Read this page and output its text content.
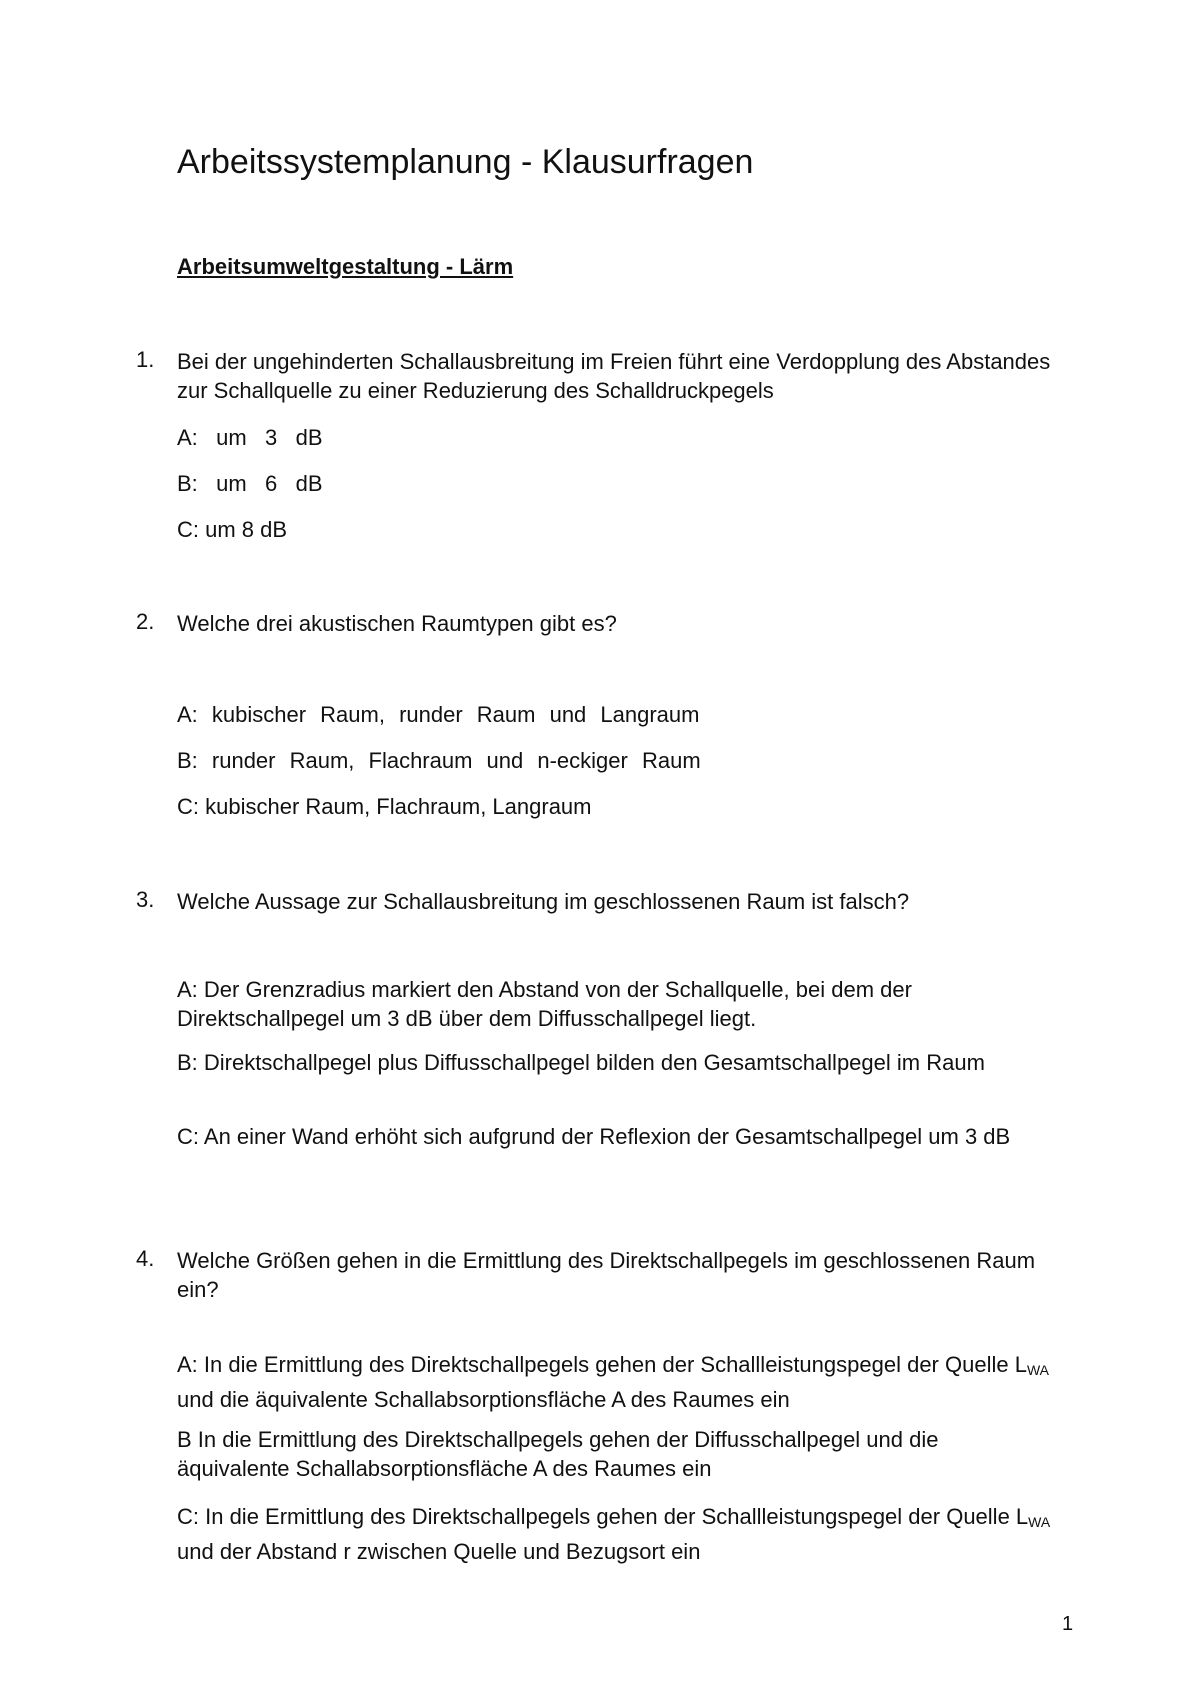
Arbeitssystemplanung - Klausurfragen
Arbeitsumweltgestaltung - Lärm
1. Bei der ungehinderten Schallausbreitung im Freien führt eine Verdopplung des Abstandes zur Schallquelle zu einer Reduzierung des Schalldruckpegels
A:   um   3   dB
B:   um   6   dB
C: um 8 dB
2. Welche drei akustischen Raumtypen gibt es?
A: kubischer Raum, runder Raum und Langraum
B: runder Raum, Flachraum und n-eckiger Raum
C: kubischer Raum, Flachraum, Langraum
3. Welche Aussage zur Schallausbreitung im geschlossenen Raum ist falsch?
A: Der Grenzradius markiert den Abstand von der Schallquelle, bei dem der Direktschallpegel um 3 dB über dem Diffusschallpegel liegt.
B: Direktschallpegel plus Diffusschallpegel bilden den Gesamtschallpegel im Raum
C: An einer Wand erhöht sich aufgrund der Reflexion der Gesamtschallpegel um 3 dB
4. Welche Größen gehen in die Ermittlung des Direktschallpegels im geschlossenen Raum ein?
A: In die Ermittlung des Direktschallpegels gehen der Schallleistungspegel der Quelle $L_{WA}$ und die äquivalente Schallabsorptionsfläche A des Raumes ein
B In die Ermittlung des Direktschallpegels gehen der Diffusschallpegel und die äquivalente Schallabsorptionsfläche A des Raumes ein
C: In die Ermittlung des Direktschallpegels gehen der Schallleistungspegel der Quelle $L_{WA}$ und der Abstand r zwischen Quelle und Bezugsort ein
1
